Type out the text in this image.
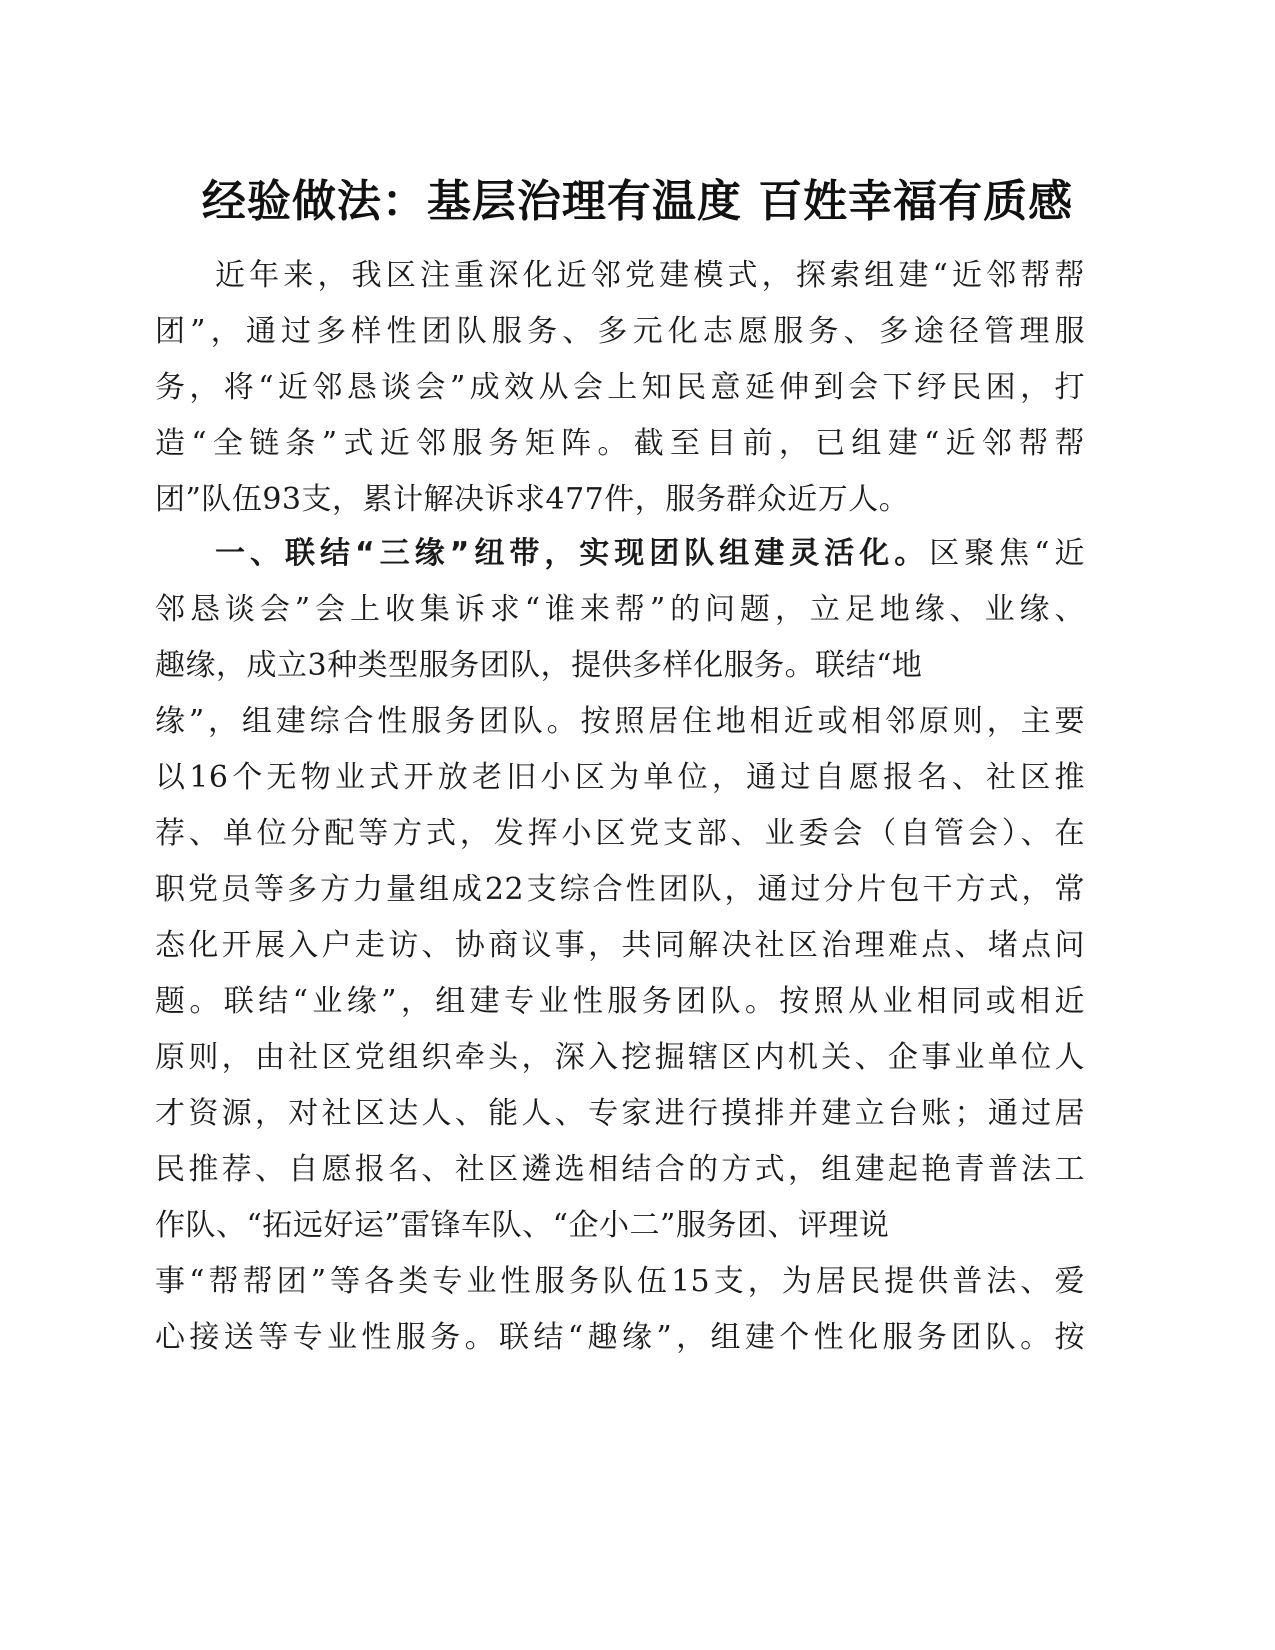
经验做法：基层治理有温度 百姓幸福有质感
近年来，我区注重深化近邻党建模式，探索组建“近邻帮帮
团”，通过多样性团队服务、多元化志愿服务、多途径管理服
务，将“近邻恳谈会”成效从会上知民意延伸到会下纾民困，打
造“全链条”式近邻服务矩阵。截至目前，已组建“近邻帮帮
团”队伍93支，累计解决诉求477件，服务群众近万人。
一、联结“三缘”纽带，实现团队组建灵活化。区聚焦“近
邻恳谈会”会上收集诉求“谁来帮”的问题，立足地缘、业缘、
趣缘，成立3种类型服务团队，提供多样化服务。联结“地
缘”，组建综合性服务团队。按照居住地相近或相邻原则，主要
以16个无物业式开放老旧小区为单位，通过自愿报名、社区推
荐、单位分配等方式，发挥小区党支部、业委会（自管会）、在
职党员等多方力量组成22支综合性团队，通过分片包干方式，常
态化开展入户走访、协商议事，共同解决社区治理难点、堵点问
题。联结“业缘”，组建专业性服务团队。按照从业相同或相近
原则，由社区党组织牵头，深入挖掘辖区内机关、企事业单位人
才资源，对社区达人、能人、专家进行摸排并建立台账；通过居
民推荐、自愿报名、社区遴选相结合的方式，组建起艳青普法工
作队、“拓远好运”雷锋车队、“企小二”服务团、评理说
事“帮帮团”等各类专业性服务队伍15支，为居民提供普法、爱
心接送等专业性服务。联结“趣缘”，组建个性化服务团队。按
